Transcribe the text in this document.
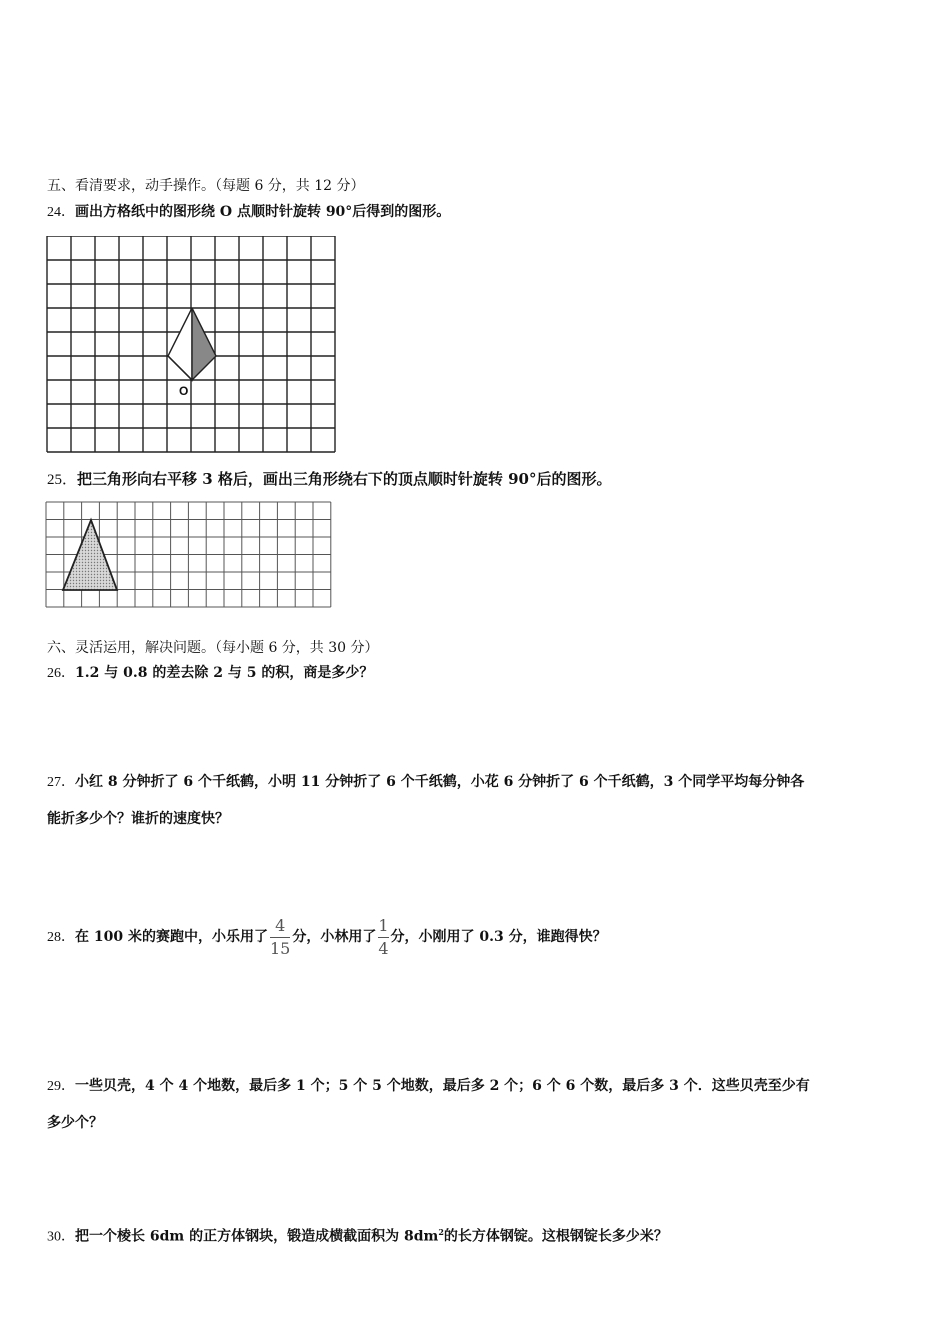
五、看清要求，动手操作。（每题 6 分，共 12 分）
24．画出方格纸中的图形绕 O 点顺时针旋转 90°后得到的图形。
O
25．把三角形向右平移 3 格后，画出三角形绕右下的顶点顺时针旋转 90°后的图形。
六、灵活运用，解决问题。（每小题 6 分，共 30 分）
26．1.2 与 0.8 的差去除 2 与 5 的积，商是多少？
27．小红 8 分钟折了 6 个千纸鹤，小明 11 分钟折了 6 个千纸鹤，小花 6 分钟折了 6 个千纸鹤，3 个同学平均每分钟各
能折多少个？谁折的速度快？
28．在 100 米的赛跑中，小乐用了 $\frac{4}{15}$ 分，小林用了 $\frac{1}{4}$ 分，小刚用了 0.3 分，谁跑得快？
29．一些贝壳，4 个 4 个地数，最后多 1 个；5 个 5 个地数，最后多 2 个；6 个 6 个数，最后多 3 个．这些贝壳至少有
多少个？
30．把一个棱长 6dm 的正方体钢块，锻造成横截面积为 $8dm^2$的长方体钢锭。这根钢锭长多少米？
